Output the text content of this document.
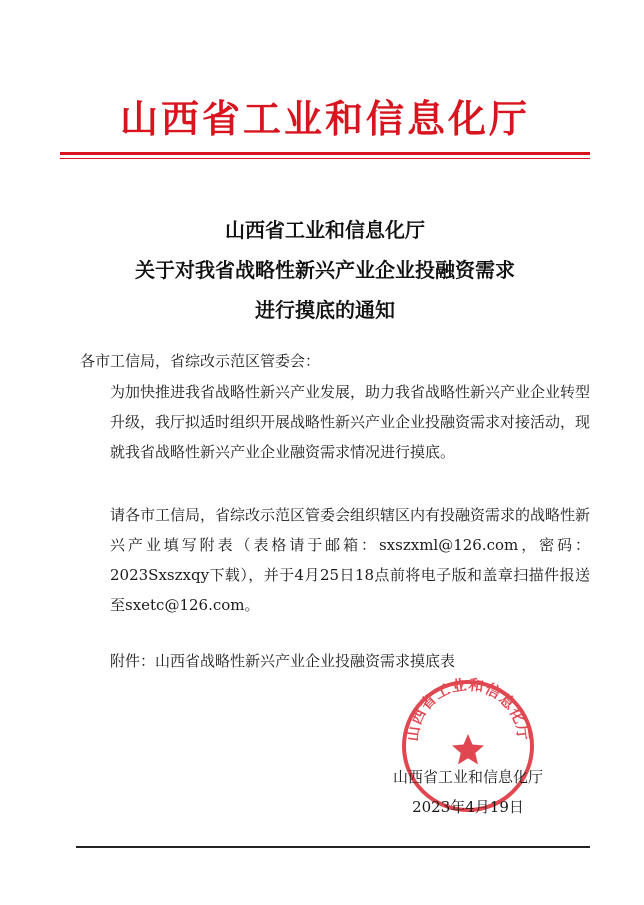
山西省工业和信息化厅
山西省工业和信息化厅
关于对我省战略性新兴产业企业投融资需求
进行摸底的通知
各市工信局，省综改示范区管委会：
为加快推进我省战略性新兴产业发展，助力我省战略性新兴产业企业转型升级，我厅拟适时组织开展战略性新兴产业企业投融资需求对接活动，现就我省战略性新兴产业企业融资需求情况进行摸底。
请各市工信局，省综改示范区管委会组织辖区内有投融资需求的战略性新兴产业填写附表（表格请于邮箱：sxszxml@126.com，密码：2023Sxszxqy下载），并于4月25日18点前将电子版和盖章扫描件报送至sxetc@126.com。
附件：山西省战略性新兴产业企业投融资需求摸底表
山西省工业和信息化厅
山西省工业和信息化厅
2023年4月19日
